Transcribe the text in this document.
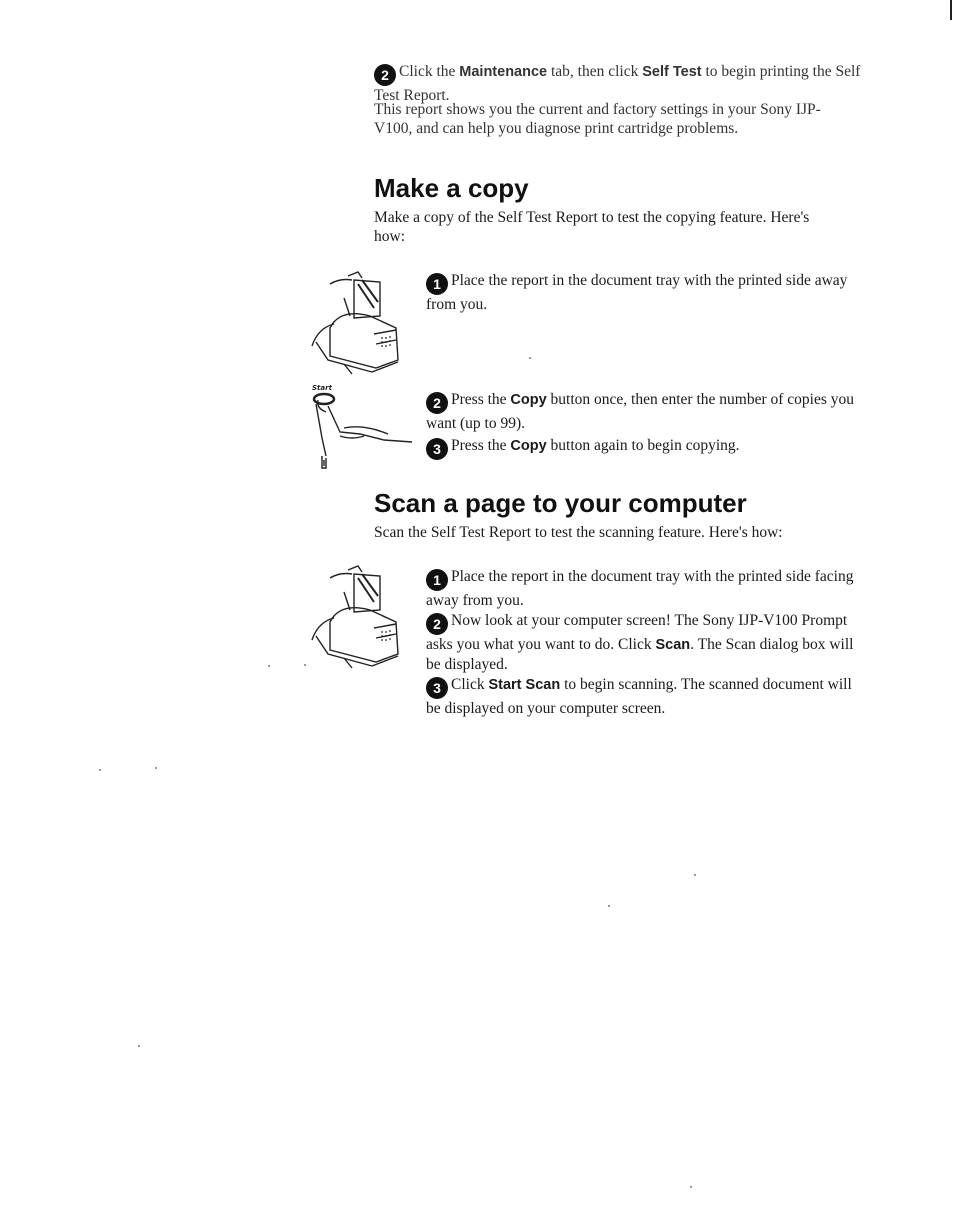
2 Click the Maintenance tab, then click Self Test to begin printing the Self Test Report.

This report shows you the current and factory settings in your Sony IJP-V100, and can help you diagnose print cartridge problems.

Make a copy

Make a copy of the Self Test Report to test the copying feature. Here's how:

1 Place the report in the document tray with the printed side away from you.

Start

2 Press the Copy button once, then enter the number of copies you want (up to 99).

3 Press the Copy button again to begin copying.

Scan a page to your computer

Scan the Self Test Report to test the scanning feature. Here's how:

1 Place the report in the document tray with the printed side facing away from you.

2 Now look at your computer screen! The Sony IJP-V100 Prompt asks you what you want to do. Click Scan. The Scan dialog box will be displayed.

3 Click Start Scan to begin scanning. The scanned document will be displayed on your computer screen.
